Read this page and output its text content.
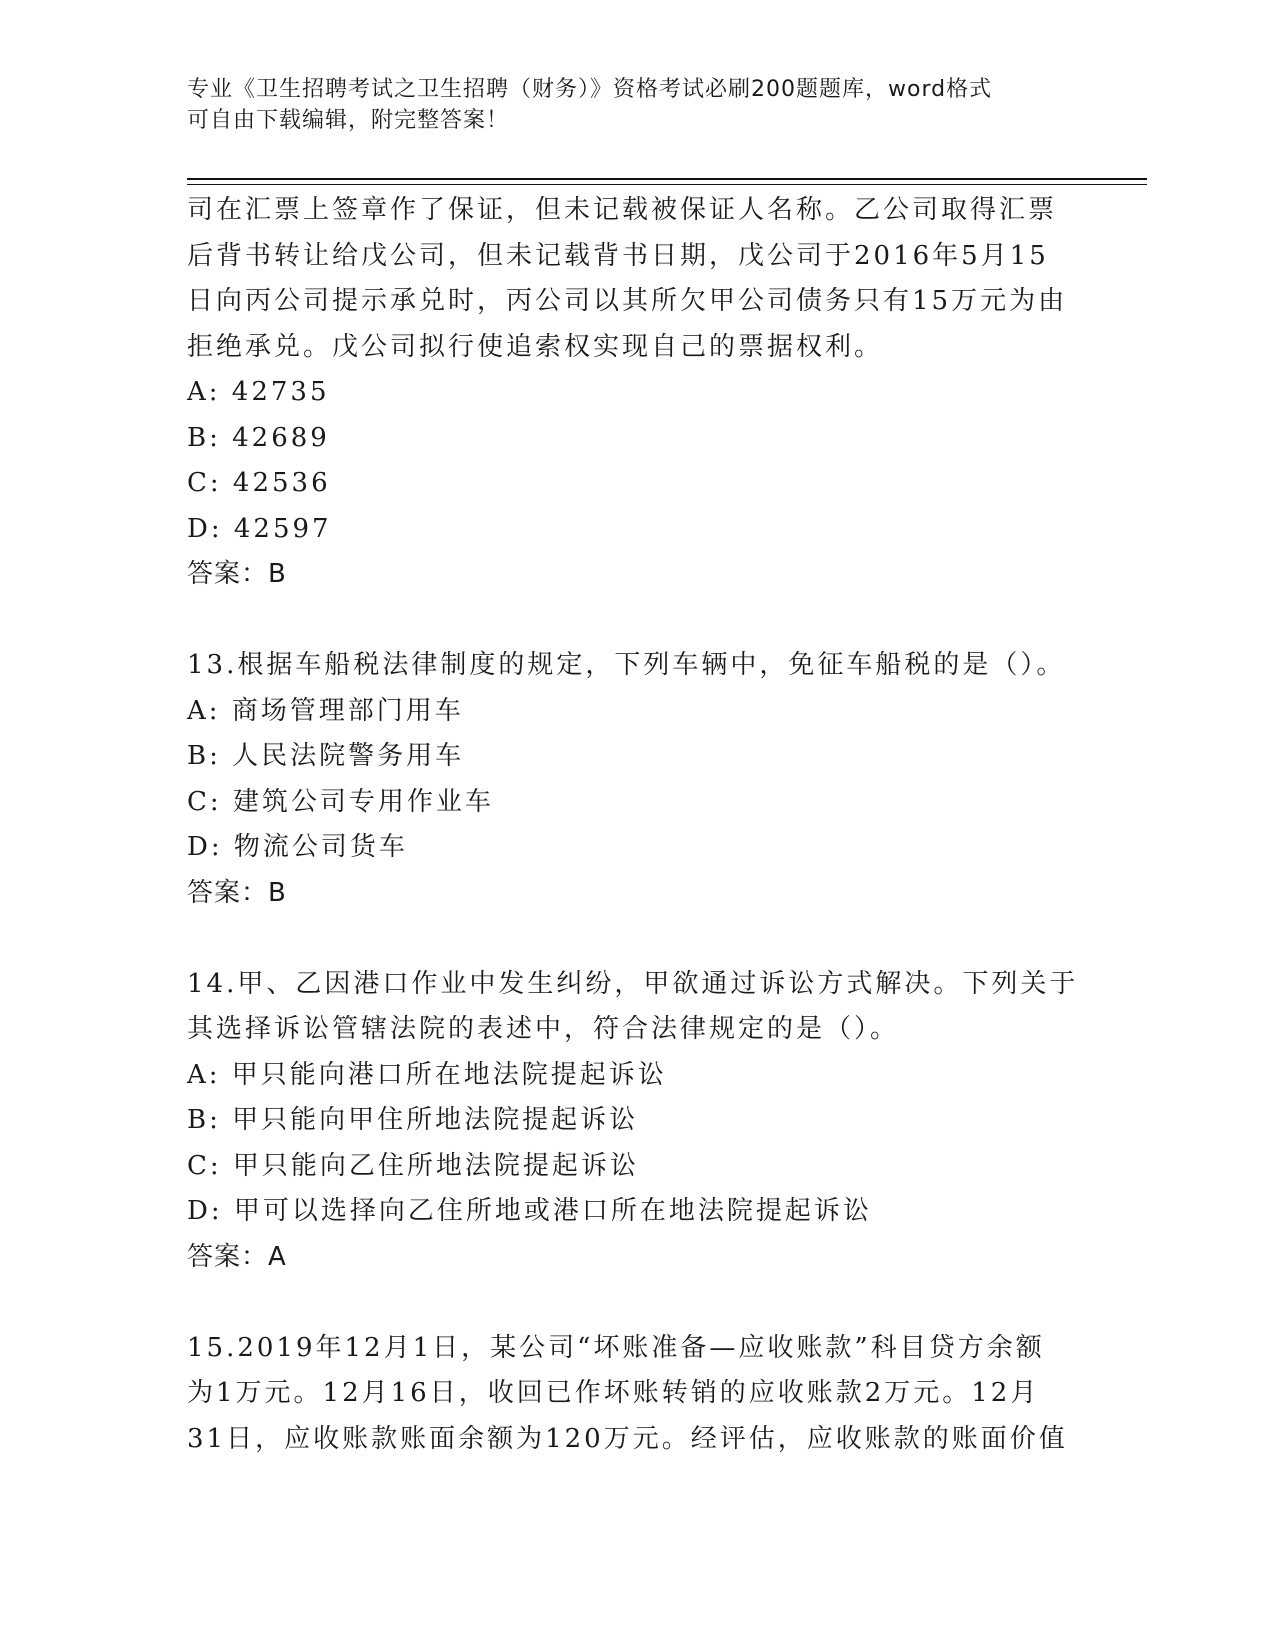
专业《卫生招聘考试之卫生招聘（财务）》资格考试必刷200题题库，word格式
可自由下载编辑，附完整答案！
司在汇票上签章作了保证，但未记载被保证人名称。乙公司取得汇票
后背书转让给戊公司，但未记载背书日期，戊公司于2016年5月15
日向丙公司提示承兑时，丙公司以其所欠甲公司债务只有15万元为由
拒绝承兑。戊公司拟行使追索权实现自己的票据权利。
A: 42735
B: 42689
C: 42536
D: 42597
答案：B
13.根据车船税法律制度的规定，下列车辆中，免征车船税的是（）。
A: 商场管理部门用车
B: 人民法院警务用车
C: 建筑公司专用作业车
D: 物流公司货车
答案：B
14.甲、乙因港口作业中发生纠纷，甲欲通过诉讼方式解决。下列关于
其选择诉讼管辖法院的表述中，符合法律规定的是（）。
A: 甲只能向港口所在地法院提起诉讼
B: 甲只能向甲住所地法院提起诉讼
C: 甲只能向乙住所地法院提起诉讼
D: 甲可以选择向乙住所地或港口所在地法院提起诉讼
答案：A
15.2019年12月1日，某公司“坏账准备—应收账款”科目贷方余额
为1万元。12月16日，收回已作坏账转销的应收账款2万元。12月
31日，应收账款账面余额为120万元。经评估，应收账款的账面价值
